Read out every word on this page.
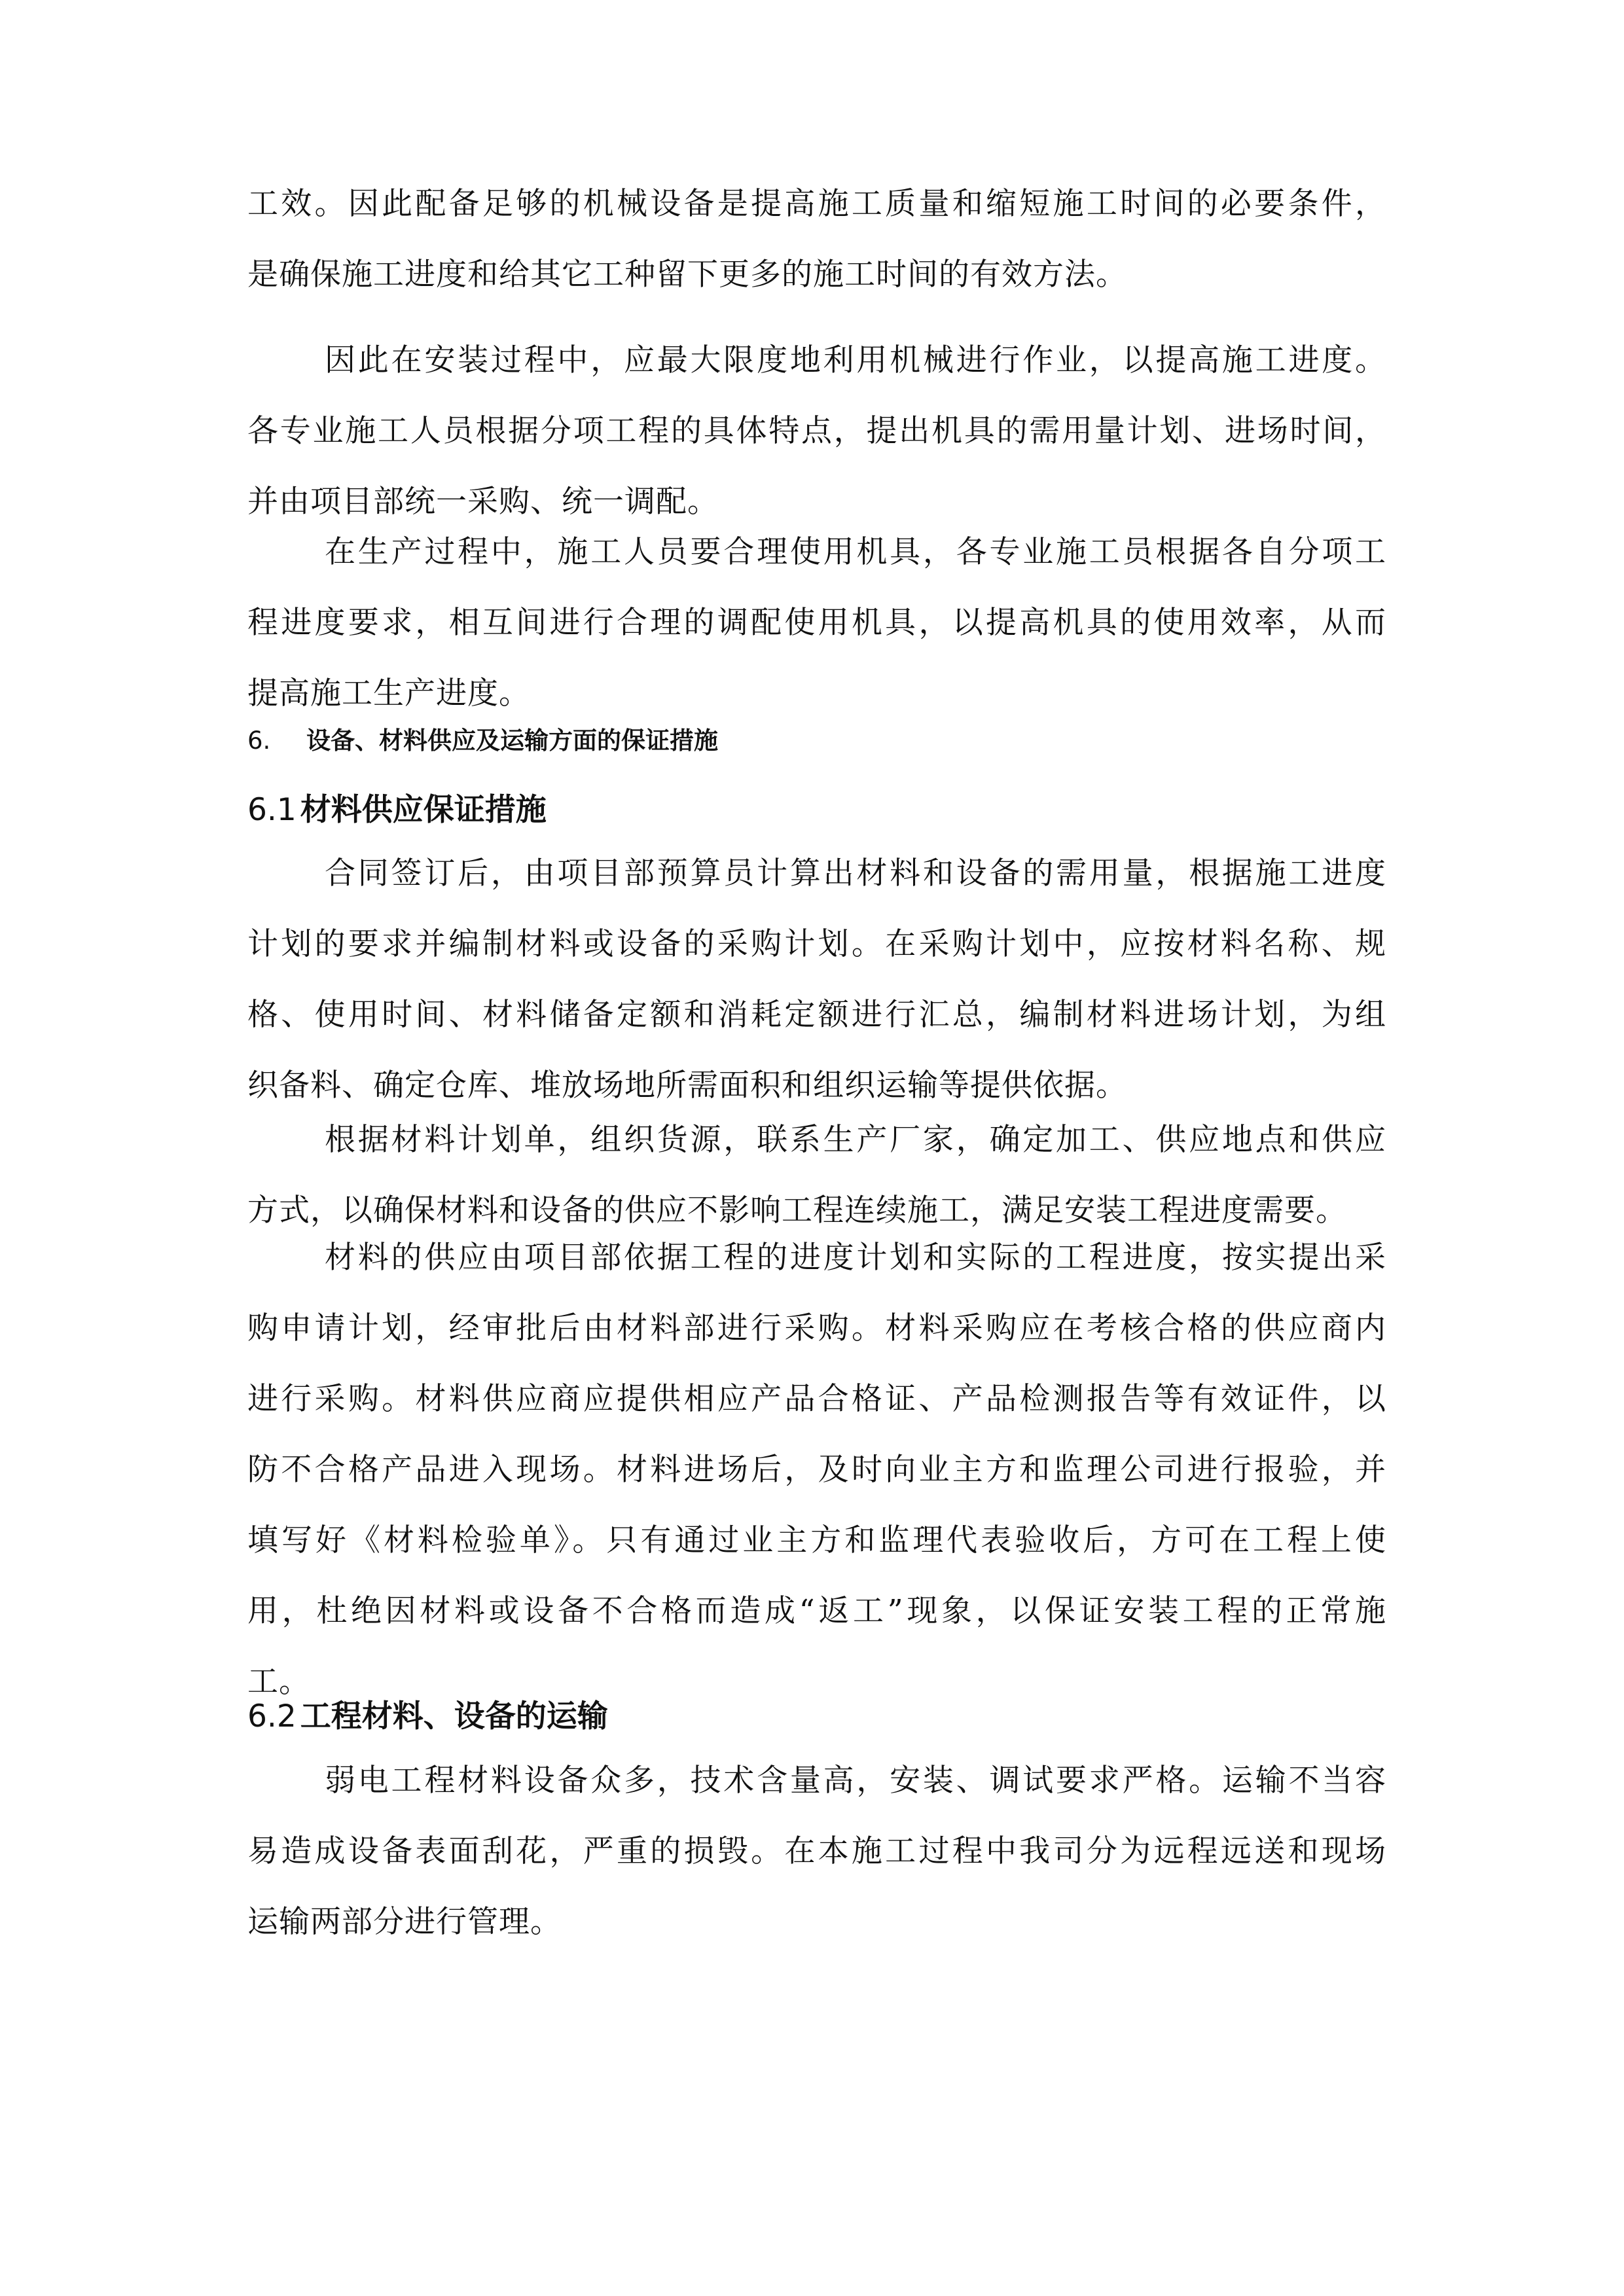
工效。因此配备足够的机械设备是提高施工质量和缩短施工时间的必要条件，
是确保施工进度和给其它工种留下更多的施工时间的有效方法。
因此在安装过程中，应最大限度地利用机械进行作业，以提高施工进度。
各专业施工人员根据分项工程的具体特点，提出机具的需用量计划、进场时间，
并由项目部统一采购、统一调配。
在生产过程中，施工人员要合理使用机具，各专业施工员根据各自分项工
程进度要求，相互间进行合理的调配使用机具，以提高机具的使用效率，从而
提高施工生产进度。
6. 设备、材料供应及运输方面的保证措施
6.1 材料供应保证措施
合同签订后，由项目部预算员计算出材料和设备的需用量，根据施工进度
计划的要求并编制材料或设备的采购计划。在采购计划中，应按材料名称、规
格、使用时间、材料储备定额和消耗定额进行汇总，编制材料进场计划，为组
织备料、确定仓库、堆放场地所需面积和组织运输等提供依据。
根据材料计划单，组织货源，联系生产厂家，确定加工、供应地点和供应
方式，以确保材料和设备的供应不影响工程连续施工，满足安装工程进度需要。
材料的供应由项目部依据工程的进度计划和实际的工程进度，按实提出采
购申请计划，经审批后由材料部进行采购。材料采购应在考核合格的供应商内
进行采购。材料供应商应提供相应产品合格证、产品检测报告等有效证件，以
防不合格产品进入现场。材料进场后，及时向业主方和监理公司进行报验，并
填写好《材料检验单》。只有通过业主方和监理代表验收后，方可在工程上使
用，杜绝因材料或设备不合格而造成“返工”现象，以保证安装工程的正常施
工。
6.2 工程材料、设备的运输
弱电工程材料设备众多，技术含量高，安装、调试要求严格。运输不当容
易造成设备表面刮花，严重的损毁。在本施工过程中我司分为远程远送和现场
运输两部分进行管理。
